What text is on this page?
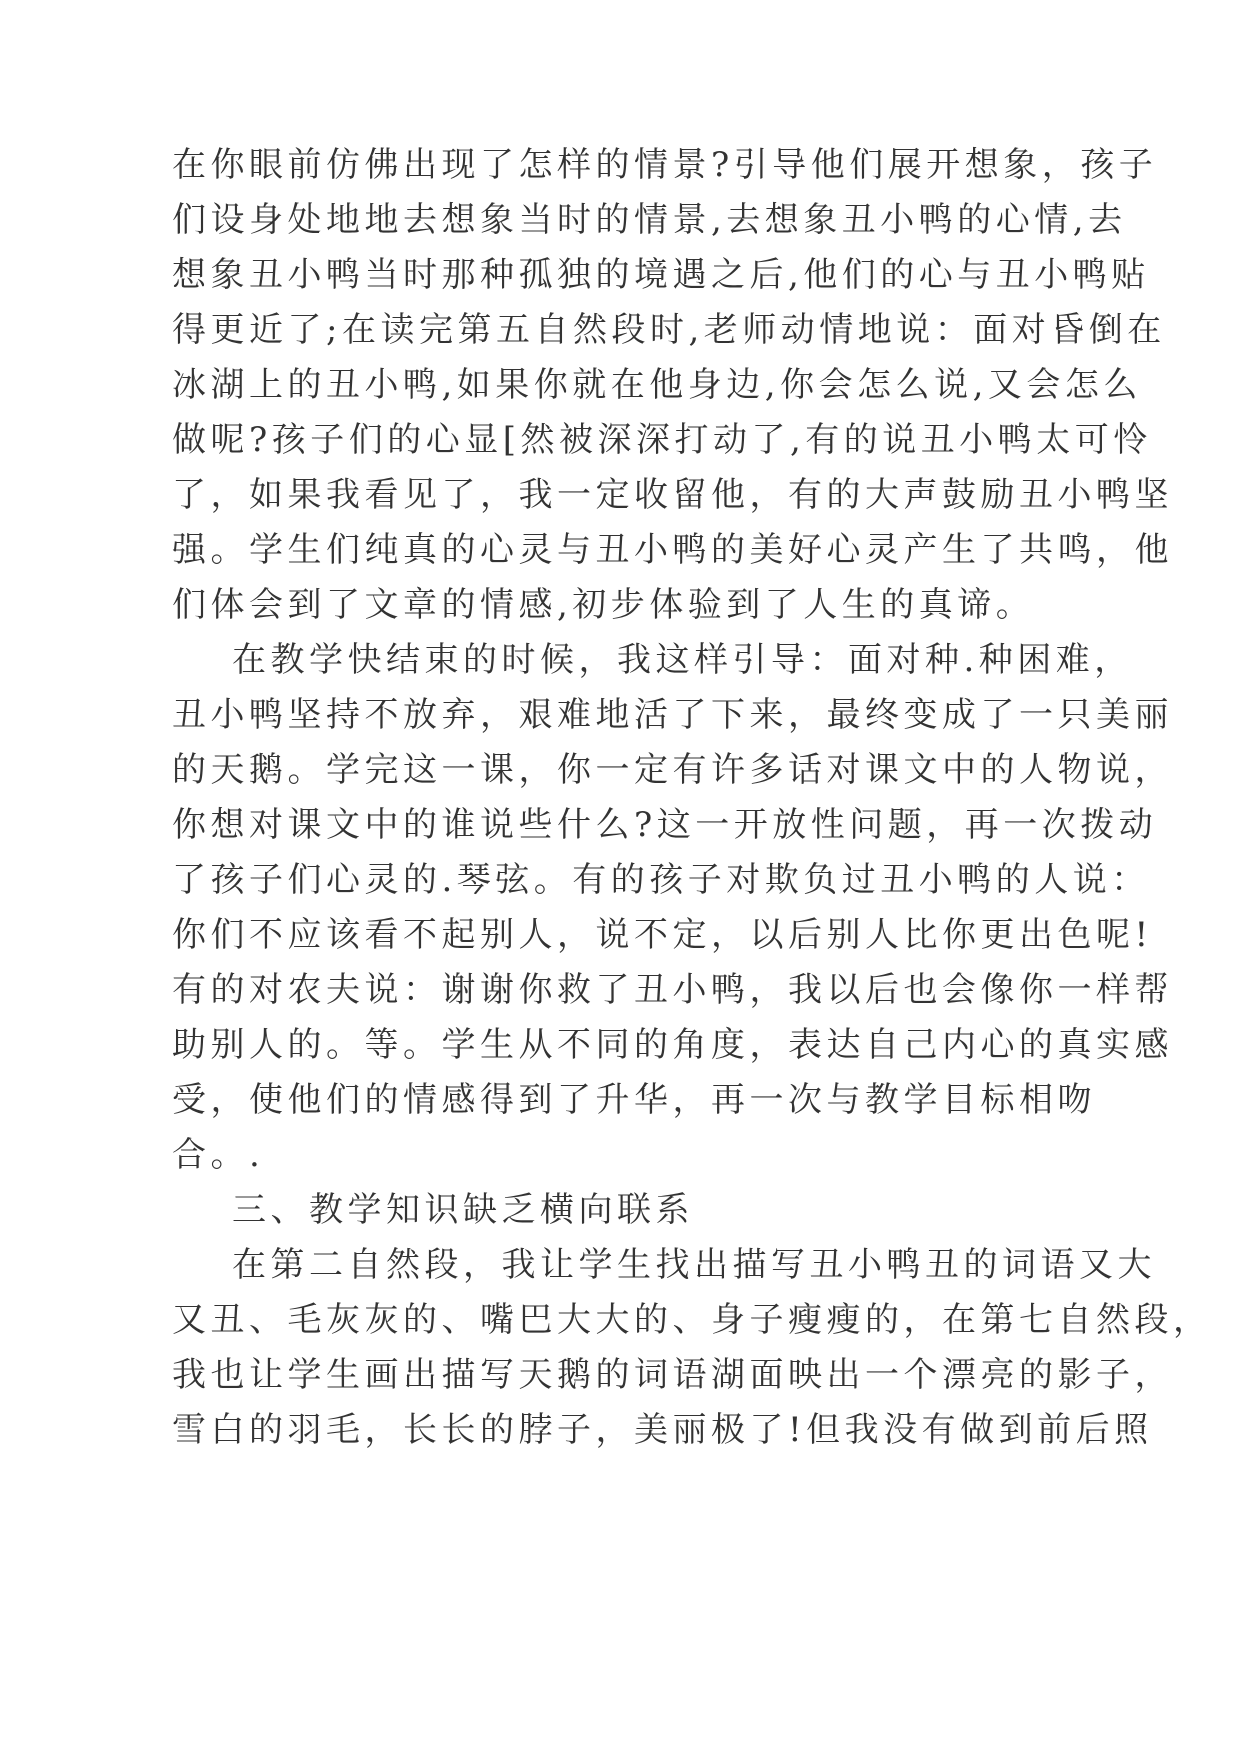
在你眼前仿佛出现了怎样的情景?引导他们展开想象，孩子
们设身处地地去想象当时的情景,去想象丑小鸭的心情,去
想象丑小鸭当时那种孤独的境遇之后,他们的心与丑小鸭贴
得更近了;在读完第五自然段时,老师动情地说：面对昏倒在
冰湖上的丑小鸭,如果你就在他身边,你会怎么说,又会怎么
做呢?孩子们的心显[然被深深打动了,有的说丑小鸭太可怜
了，如果我看见了，我一定收留他，有的大声鼓励丑小鸭坚
强。学生们纯真的心灵与丑小鸭的美好心灵产生了共鸣，他
们体会到了文章的情感,初步体验到了人生的真谛。
在教学快结束的时候，我这样引导：面对种.种困难，
丑小鸭坚持不放弃，艰难地活了下来，最终变成了一只美丽
的天鹅。学完这一课，你一定有许多话对课文中的人物说，
你想对课文中的谁说些什么?这一开放性问题，再一次拨动
了孩子们心灵的.琴弦。有的孩子对欺负过丑小鸭的人说：
你们不应该看不起别人，说不定，以后别人比你更出色呢!
有的对农夫说：谢谢你救了丑小鸭，我以后也会像你一样帮
助别人的。等。学生从不同的角度，表达自己内心的真实感
受，使他们的情感得到了升华，再一次与教学目标相吻
合。.
三、教学知识缺乏横向联系
在第二自然段，我让学生找出描写丑小鸭丑的词语又大
又丑、毛灰灰的、嘴巴大大的、身子瘦瘦的，在第七自然段，
我也让学生画出描写天鹅的词语湖面映出一个漂亮的影子，
雪白的羽毛，长长的脖子，美丽极了!但我没有做到前后照
